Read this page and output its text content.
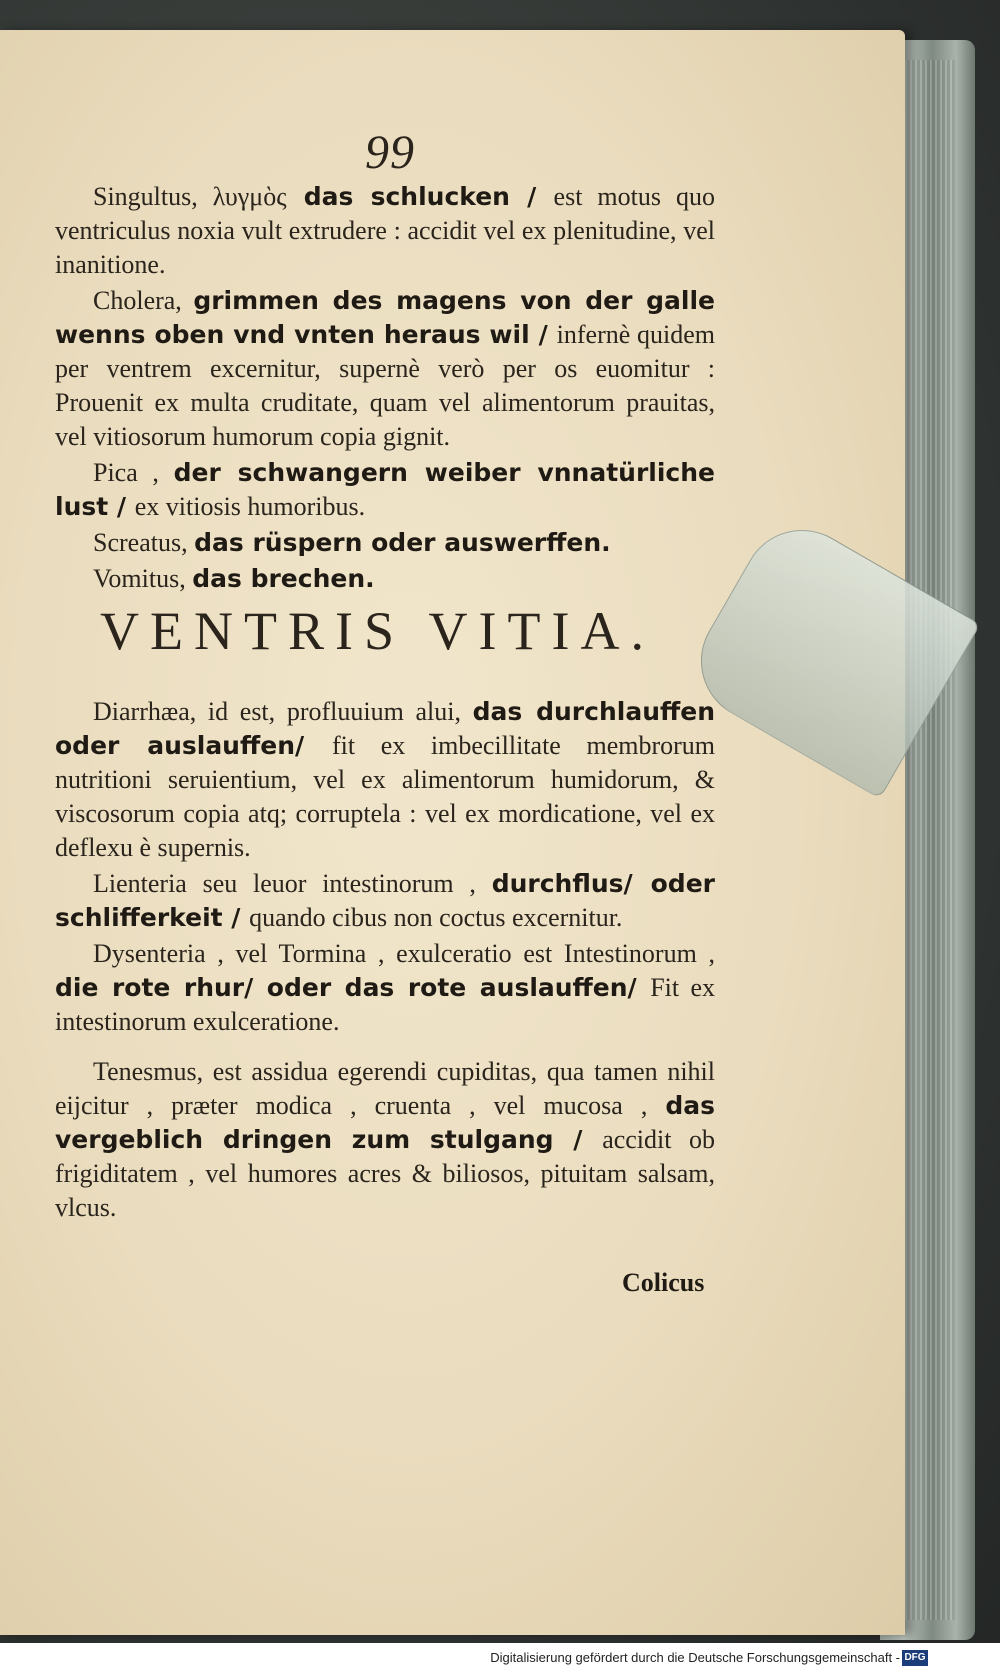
99

Singultus, λυγμὸς das schlucken / est motus quo ventriculus noxia vult extrudere : accidit vel ex plenitudine, vel inanitione.

Cholera, grimmen des magens von der galle wenns oben vnd vnten heraus wil / infernè quidem per ventrem excernitur, supernè verò per os euomitur : Prouenit ex multa cruditate, quam vel alimentorum prauitas, vel vitiosorum humorum copia gignit.

Pica , der schwangern weiber vnnatürliche lust / ex vitiosis humoribus.

Screatus, das rüspern oder auswerffen.

Vomitus, das brechen.

VENTRIS VITIA.

Diarrhæa, id est, profluuium alui, das durchlauffen oder auslauffen/ fit ex imbecillitate membrorum nutritioni seruientium, vel ex alimentorum humidorum, & viscosorum copia atq; corruptela : vel ex mordicatione, vel ex deflexu è supernis.

Lienteria seu leuor intestinorum , durchflus/ oder schlifferkeit / quando cibus non coctus excernitur.

Dysenteria , vel Tormina , exulceratio est Intestinorum , die rote rhur/ oder das rote auslauffen/ Fit ex intestinorum exulceratione.

Tenesmus, est assidua egerendi cupiditas, qua tamen nihil eijcitur , præter modica , cruenta , vel mucosa , das vergeblich dringen zum stulgang / accidit ob frigiditatem , vel humores acres & biliosos, pituitam salsam, vlcus.

Colicus
Digitalisierung gefördert durch die Deutsche Forschungsgemeinschaft - DFG
